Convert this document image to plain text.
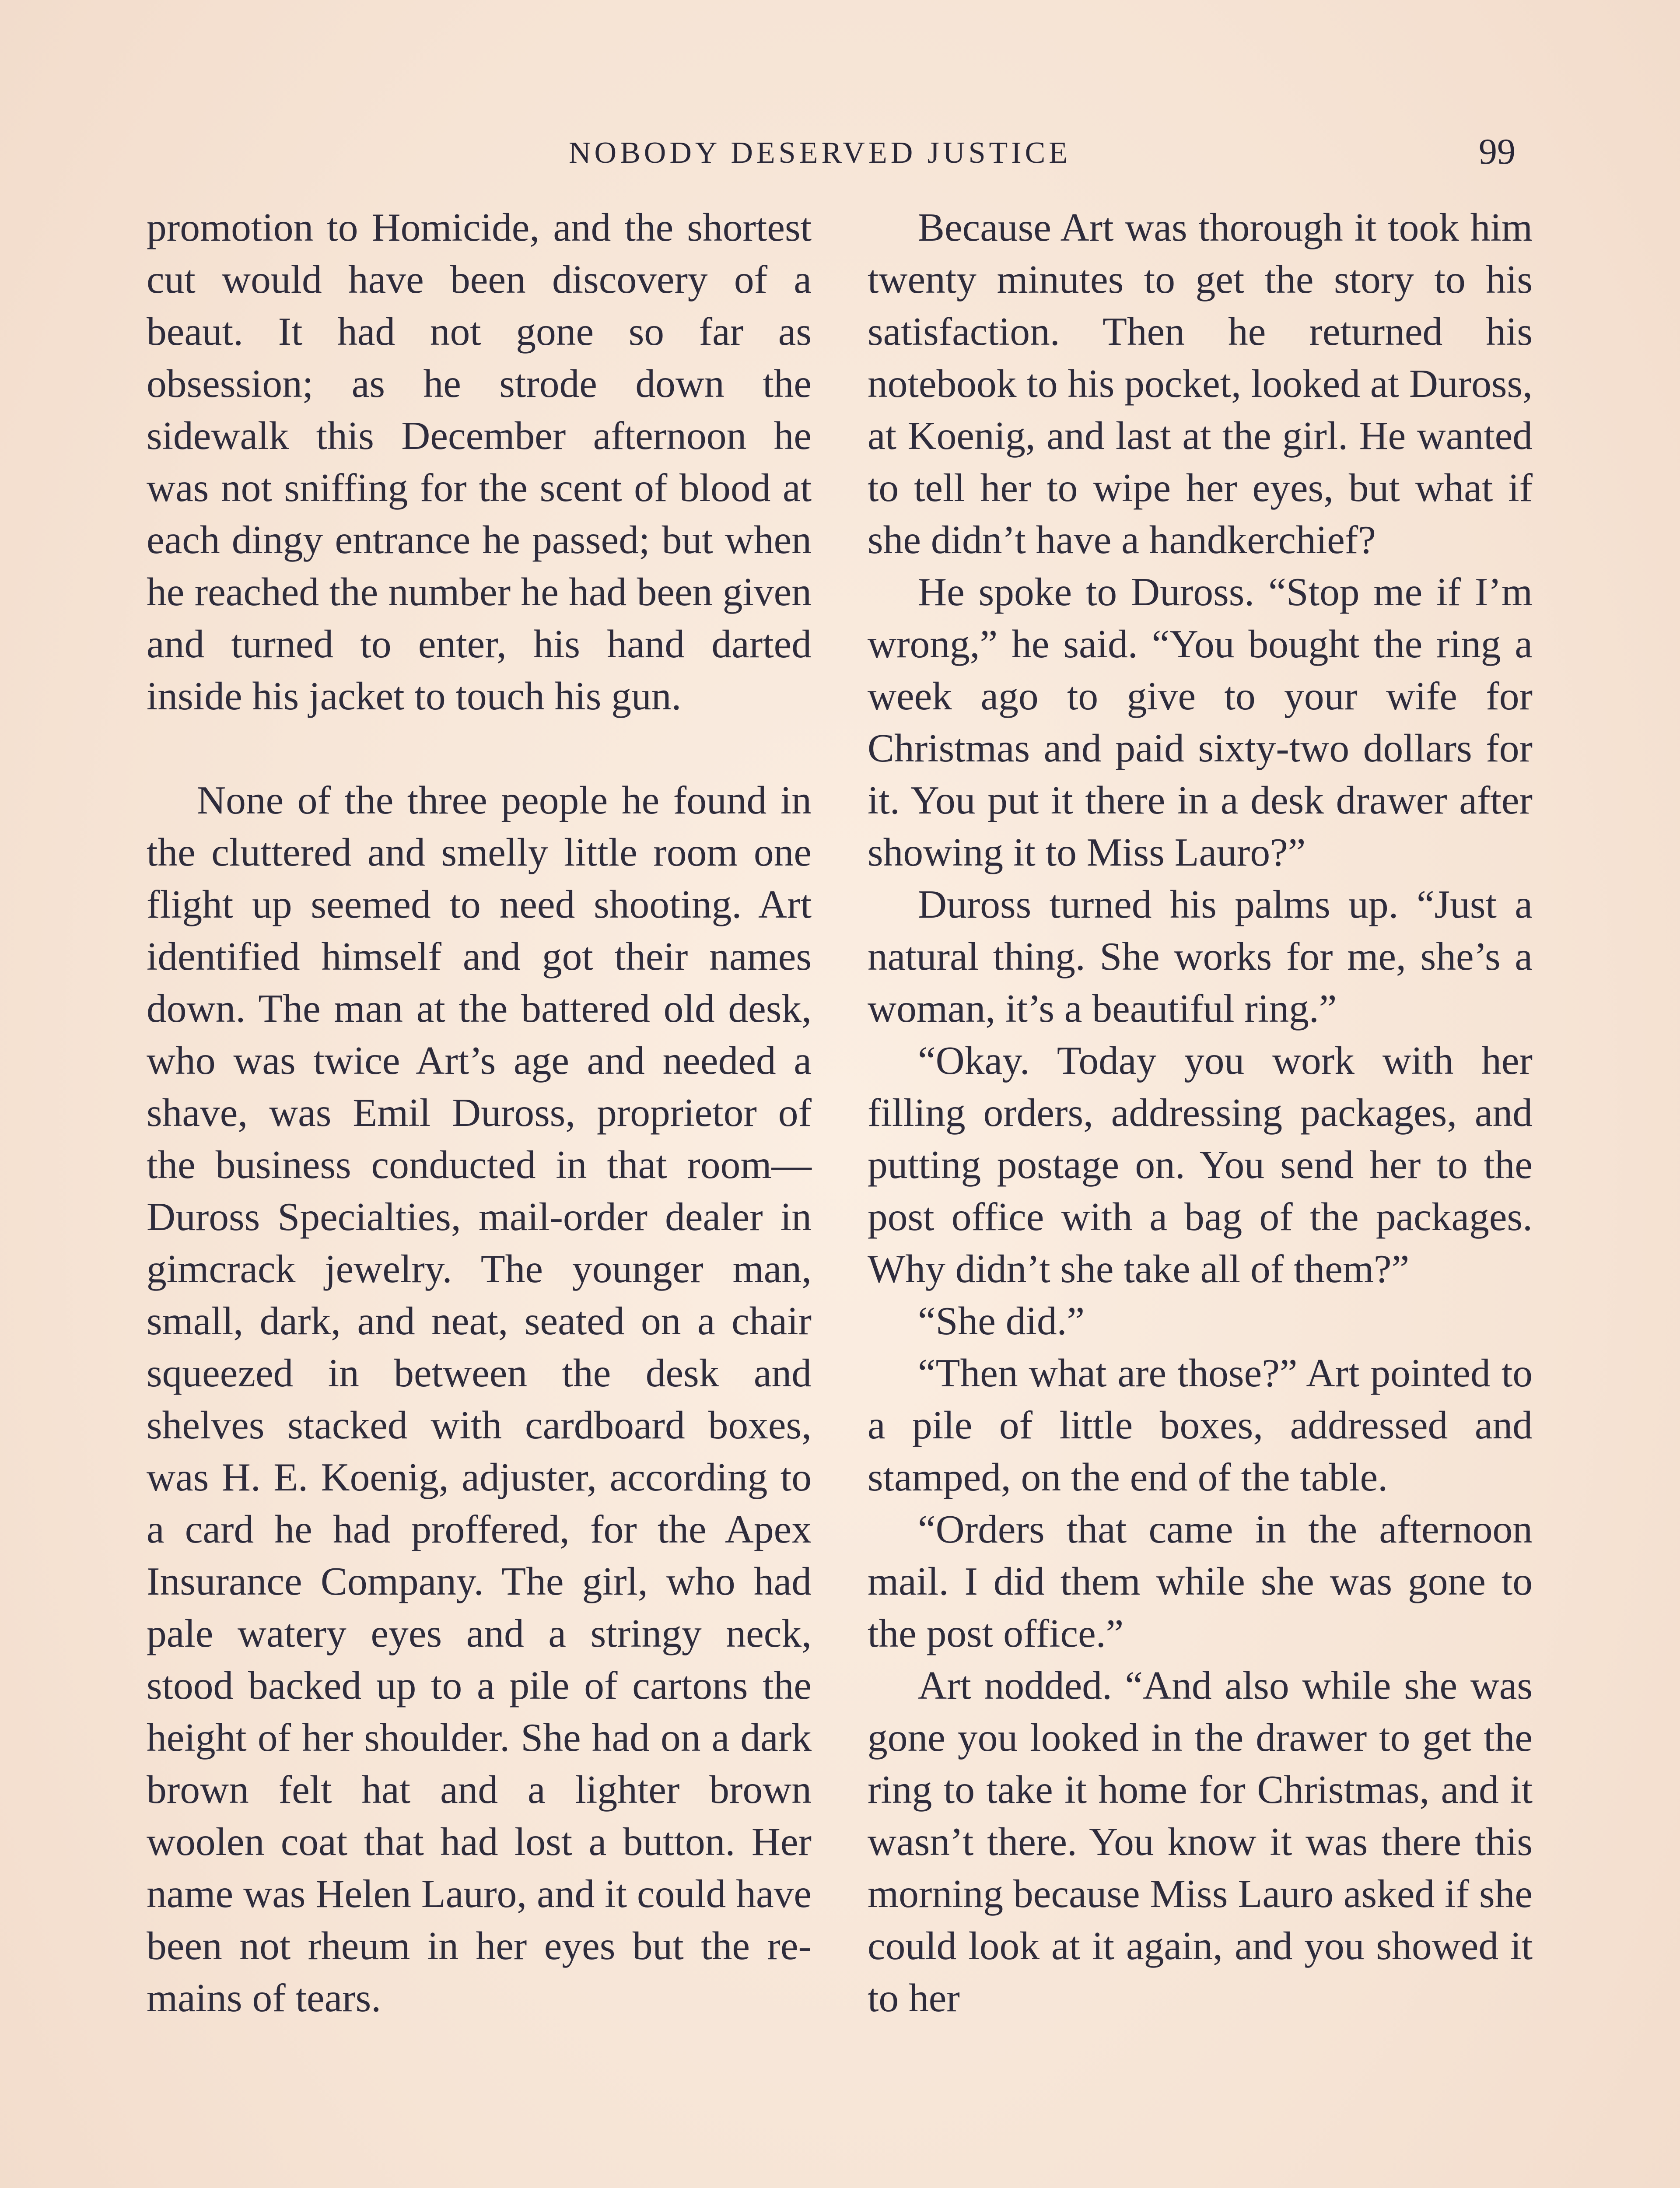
NOBODY DESERVED JUSTICE	99

promotion to Homicide, and the shortest cut would have been discovery of a beaut. It had not gone so far as obsession; as he strode down the sidewalk this December afternoon he was not sniffing for the scent of blood at each dingy entrance he passed; but when he reached the number he had been given and turned to enter, his hand darted inside his jacket to touch his gun.

None of the three people he found in the cluttered and smelly little room one flight up seemed to need shooting. Art identified himself and got their names down. The man at the battered old desk, who was twice Art’s age and needed a shave, was Emil Duross, proprietor of the business conducted in that room—Duross Specialties, mail-order dealer in gimcrack jewelry. The younger man, small, dark, and neat, seated on a chair squeezed in between the desk and shelves stacked with cardboard boxes, was H. E. Koenig, adjuster, according to a card he had proffered, for the Apex Insurance Company. The girl, who had pale watery eyes and a stringy neck, stood backed up to a pile of cartons the height of her shoulder. She had on a dark brown felt hat and a lighter brown woolen coat that had lost a button. Her name was Helen Lauro, and it could have been not rheum in her eyes but the remains of tears.

Because Art was thorough it took him twenty minutes to get the story to his satisfaction. Then he returned his notebook to his pocket, looked at Duross, at Koenig, and last at the girl. He wanted to tell her to wipe her eyes, but what if she didn’t have a handkerchief?

He spoke to Duross. “Stop me if I’m wrong,” he said. “You bought the ring a week ago to give to your wife for Christmas and paid sixty-two dollars for it. You put it there in a desk drawer after showing it to Miss Lauro?”

Duross turned his palms up. “Just a natural thing. She works for me, she’s a woman, it’s a beautiful ring.”

“Okay. Today you work with her filling orders, addressing packages, and putting postage on. You send her to the post office with a bag of the packages. Why didn’t she take all of them?”

“She did.”

“Then what are those?” Art pointed to a pile of little boxes, addressed and stamped, on the end of the table.

“Orders that came in the afternoon mail. I did them while she was gone to the post office.”

Art nodded. “And also while she was gone you looked in the drawer to get the ring to take it home for Christmas, and it wasn’t there. You know it was there this morning because Miss Lauro asked if she could look at it again, and you showed it to her
